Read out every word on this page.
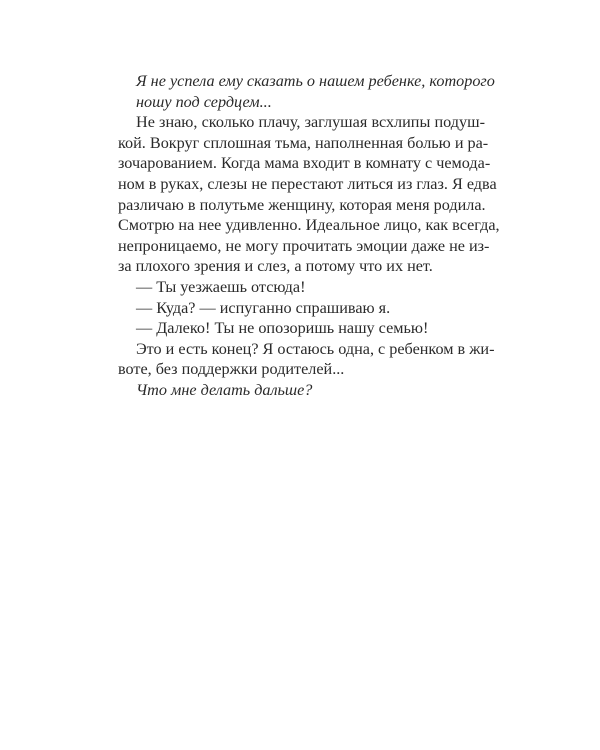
Я не успела ему сказать о нашем ребенке, которого
ношу под сердцем...
Не знаю, сколько плачу, заглушая всхлипы подуш-
кой. Вокруг сплошная тьма, наполненная болью и ра-
зочарованием. Когда мама входит в комнату с чемода-
ном в руках, слезы не перестают литься из глаз. Я едва
различаю в полутьме женщину, которая меня родила.
Смотрю на нее удивленно. Идеальное лицо, как всегда,
непроницаемо, не могу прочитать эмоции даже не из-
за плохого зрения и слез, а потому что их нет.
— Ты уезжаешь отсюда!
— Куда? — испуганно спрашиваю я.
— Далеко! Ты не опозоришь нашу семью!
Это и есть конец? Я остаюсь одна, с ребенком в жи-
воте, без поддержки родителей...
Что мне делать дальше?
